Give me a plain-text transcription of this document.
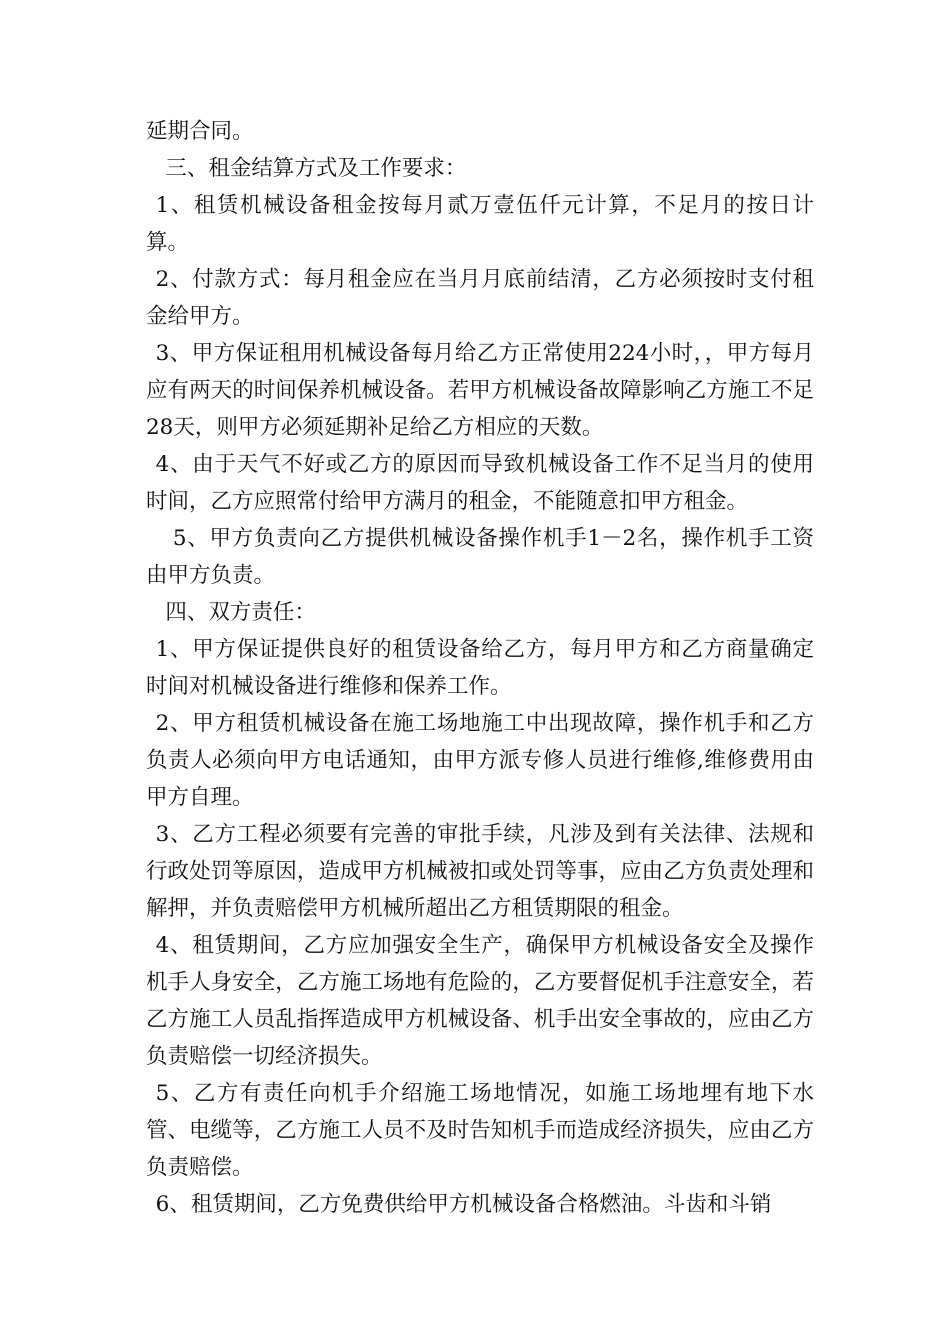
延期合同。

三、租金结算方式及工作要求：

1、租赁机械设备租金按每月贰万壹伍仟元计算，不足月的按日计算。

2、付款方式：每月租金应在当月月底前结清，乙方必须按时支付租金给甲方。

3、甲方保证租用机械设备每月给乙方正常使用224小时，，甲方每月应有两天的时间保养机械设备。若甲方机械设备故障影响乙方施工不足28天，则甲方必须延期补足给乙方相应的天数。

4、由于天气不好或乙方的原因而导致机械设备工作不足当月的使用时间，乙方应照常付给甲方满月的租金，不能随意扣甲方租金。

5、甲方负责向乙方提供机械设备操作机手1－2名，操作机手工资由甲方负责。

四、双方责任：

1、甲方保证提供良好的租赁设备给乙方，每月甲方和乙方商量确定时间对机械设备进行维修和保养工作。

2、甲方租赁机械设备在施工场地施工中出现故障，操作机手和乙方负责人必须向甲方电话通知，由甲方派专修人员进行维修,维修费用由甲方自理。

3、乙方工程必须要有完善的审批手续，凡涉及到有关法律、法规和行政处罚等原因，造成甲方机械被扣或处罚等事，应由乙方负责处理和解押，并负责赔偿甲方机械所超出乙方租赁期限的租金。

4、租赁期间，乙方应加强安全生产，确保甲方机械设备安全及操作机手人身安全，乙方施工场地有危险的，乙方要督促机手注意安全，若乙方施工人员乱指挥造成甲方机械设备、机手出安全事故的，应由乙方负责赔偿一切经济损失。

5、乙方有责任向机手介绍施工场地情况，如施工场地埋有地下水管、电缆等，乙方施工人员不及时告知机手而造成经济损失，应由乙方负责赔偿。

6、租赁期间，乙方免费供给甲方机械设备合格燃油。斗齿和斗销
